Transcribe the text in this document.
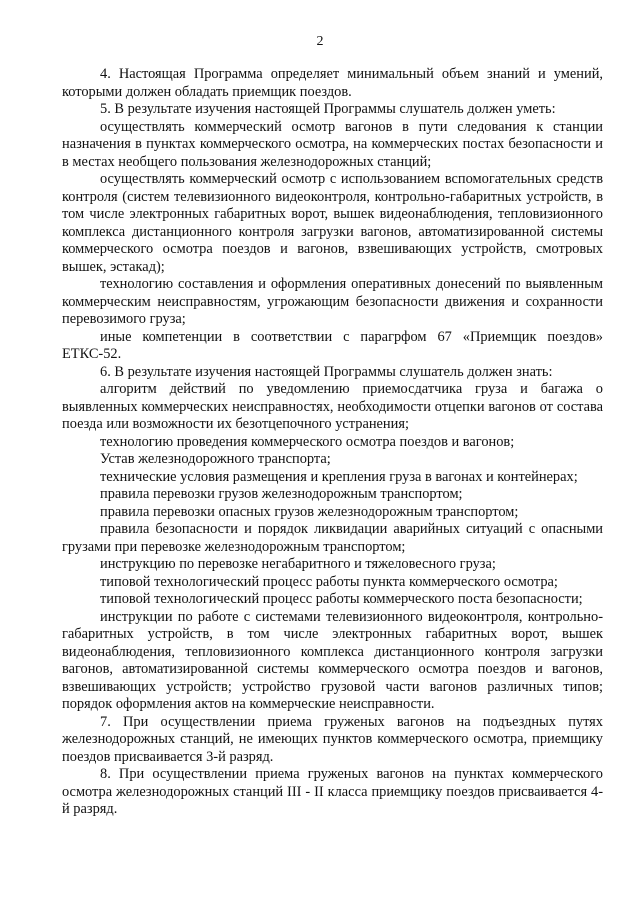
2

4. Настоящая Программа определяет минимальный объем знаний и умений, которыми должен обладать приемщик поездов.

5. В результате изучения настоящей Программы слушатель должен уметь:

осуществлять коммерческий осмотр вагонов в пути следования к станции назначения в пунктах коммерческого осмотра, на коммерческих постах безопасности и в местах необщего пользования железнодорожных станций;

осуществлять коммерческий осмотр с использованием вспомогательных средств контроля (систем телевизионного видеоконтроля, контрольно-габаритных устройств, в том числе электронных габаритных ворот, вышек видеонаблюдения, тепловизионного комплекса дистанционного контроля загрузки вагонов, автоматизированной системы коммерческого осмотра поездов и вагонов, взвешивающих устройств, смотровых вышек, эстакад);

технологию составления и оформления оперативных донесений по выявленным коммерческим неисправностям, угрожающим безопасности движения и сохранности перевозимого груза;

иные компетенции в соответствии с парагрфом 67 «Приемщик поездов» ЕТКС-52.

6. В результате изучения настоящей Программы слушатель должен знать:

алгоритм действий по уведомлению приемосдатчика груза и багажа о выявленных коммерческих неисправностях, необходимости отцепки вагонов от состава поезда или возможности их безотцепочного устранения;

технологию проведения коммерческого осмотра поездов и вагонов;

Устав железнодорожного транспорта;

технические условия размещения и крепления груза в вагонах и контейнерах;

правила перевозки грузов железнодорожным транспортом;

правила перевозки опасных грузов железнодорожным транспортом;

правила безопасности и порядок ликвидации аварийных ситуаций с опасными грузами при перевозке железнодорожным транспортом;

инструкцию по перевозке негабаритного и тяжеловесного груза;

типовой технологический процесс работы пункта коммерческого осмотра;

типовой технологический процесс работы коммерческого поста безопасности;

инструкции по работе с системами телевизионного видеоконтроля, контрольно-габаритных устройств, в том числе электронных габаритных ворот, вышек видеонаблюдения, тепловизионного комплекса дистанционного контроля загрузки вагонов, автоматизированной системы коммерческого осмотра поездов и вагонов, взвешивающих устройств; устройство грузовой части вагонов различных типов; порядок оформления актов на коммерческие неисправности.

7. При осуществлении приема груженых вагонов на подъездных путях железнодорожных станций, не имеющих пунктов коммерческого осмотра, приемщику поездов присваивается 3-й разряд.

8. При осуществлении приема груженых вагонов на пунктах коммерческого осмотра железнодорожных станций III - II класса приемщику поездов присваивается 4-й разряд.
